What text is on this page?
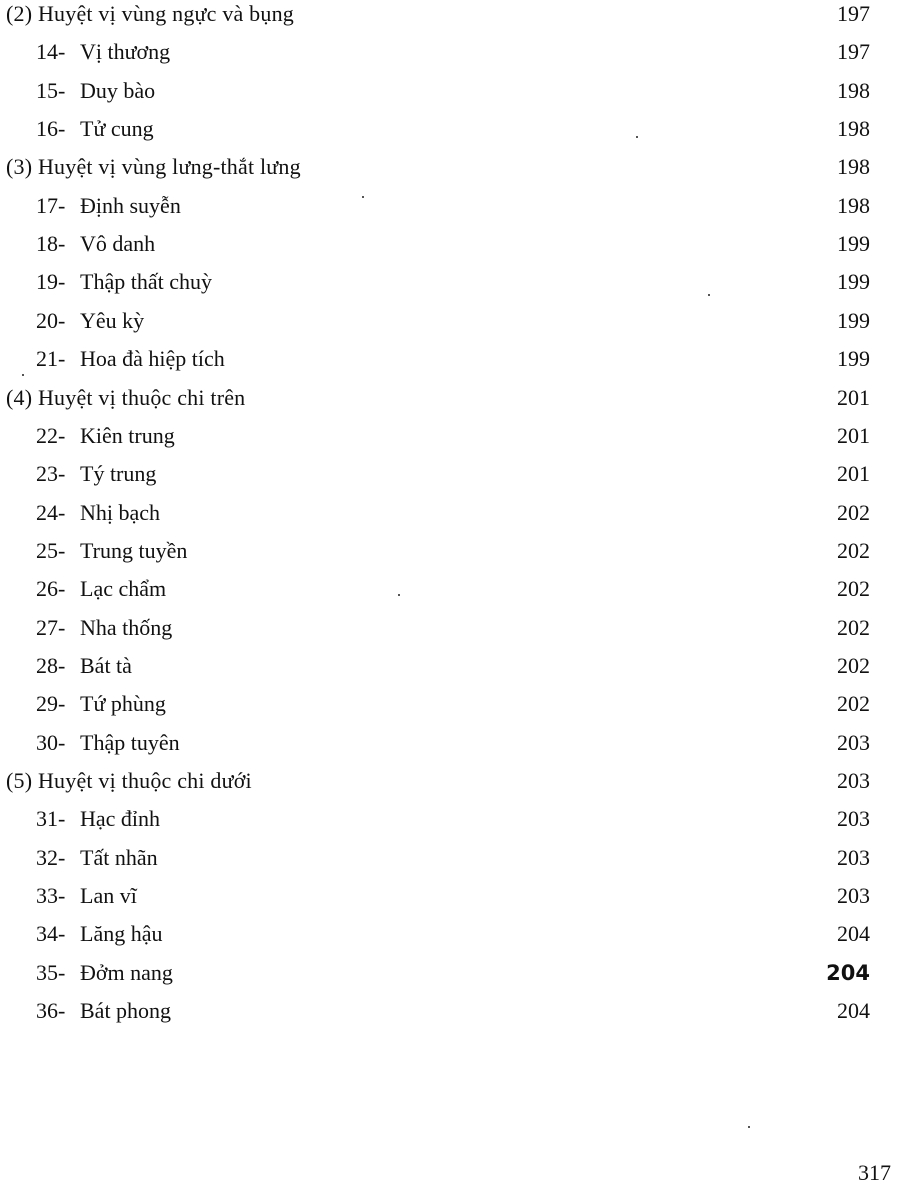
(2) Huyệt vị vùng ngực và bụng	197
14- Vị thương	197
15- Duy bào	198
16- Tử cung	198
(3) Huyệt vị vùng lưng-thắt lưng	198
17- Định suyễn	198
18- Vô danh	199
19- Thập thất chuỳ	199
20- Yêu kỳ	199
21- Hoa đà hiệp tích	199
(4) Huyệt vị thuộc chi trên	201
22- Kiên trung	201
23- Tý trung	201
24- Nhị bạch	202
25- Trung tuyền	202
26- Lạc chẩm	202
27- Nha thống	202
28- Bát tà	202
29- Tứ phùng	202
30- Thập tuyên	203
(5) Huyệt vị thuộc chi dưới	203
31- Hạc đỉnh	203
32- Tất nhãn	203
33- Lan vĩ	203
34- Lăng hậu	204
35- Đởm nang	204
36- Bát phong	204
317
